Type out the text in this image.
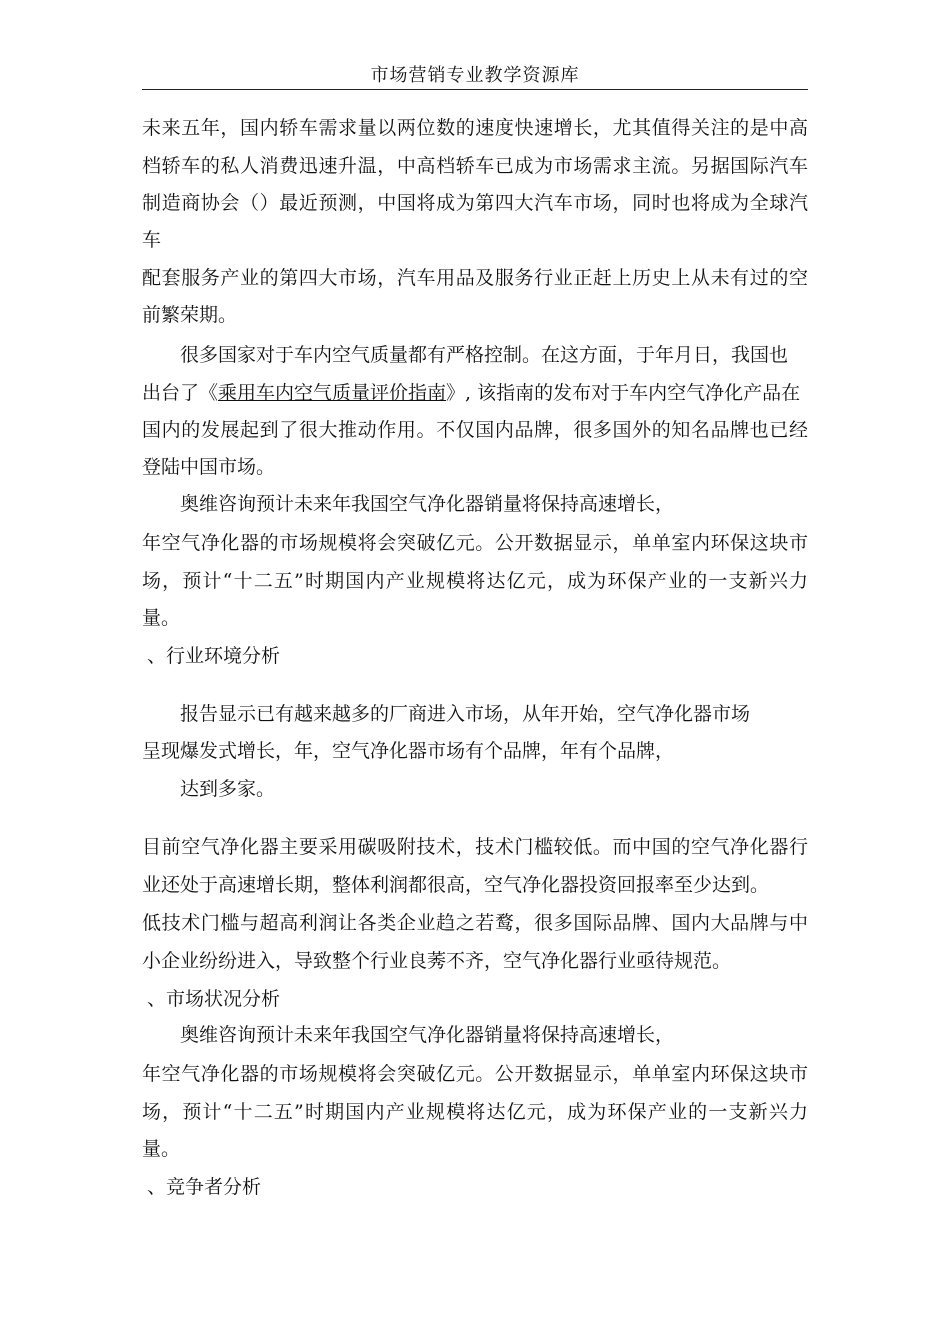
市场营销专业教学资源库
未来五年，国内轿车需求量以两位数的速度快速增长，尤其值得关注的是中高
档轿车的私人消费迅速升温，中高档轿车已成为市场需求主流。另据国际汽车
制造商协会（）最近预测，中国将成为第四大汽车市场，同时也将成为全球汽
车
配套服务产业的第四大市场，汽车用品及服务行业正赶上历史上从未有过的空
前繁荣期。
很多国家对于车内空气质量都有严格控制。在这方面，于年月日，我国也
出台了《乘用车内空气质量评价指南》, 该指南的发布对于车内空气净化产品在
国内的发展起到了很大推动作用。不仅国内品牌，很多国外的知名品牌也已经
登陆中国市场。
奥维咨询预计未来年我国空气净化器销量将保持高速增长，
年空气净化器的市场规模将会突破亿元。公开数据显示，单单室内环保这块市
场，预计“十二五”时期国内产业规模将达亿元，成为环保产业的一支新兴力
量。
、行业环境分析
报告显示已有越来越多的厂商进入市场，从年开始，空气净化器市场
呈现爆发式增长，年，空气净化器市场有个品牌，年有个品牌，
达到多家。
目前空气净化器主要采用碳吸附技术，技术门槛较低。而中国的空气净化器行
业还处于高速增长期，整体利润都很高，空气净化器投资回报率至少达到。
低技术门槛与超高利润让各类企业趋之若鹜，很多国际品牌、国内大品牌与中
小企业纷纷进入，导致整个行业良莠不齐，空气净化器行业亟待规范。
、市场状况分析
奥维咨询预计未来年我国空气净化器销量将保持高速增长，
年空气净化器的市场规模将会突破亿元。公开数据显示，单单室内环保这块市
场，预计“十二五”时期国内产业规模将达亿元，成为环保产业的一支新兴力
量。
、竞争者分析
